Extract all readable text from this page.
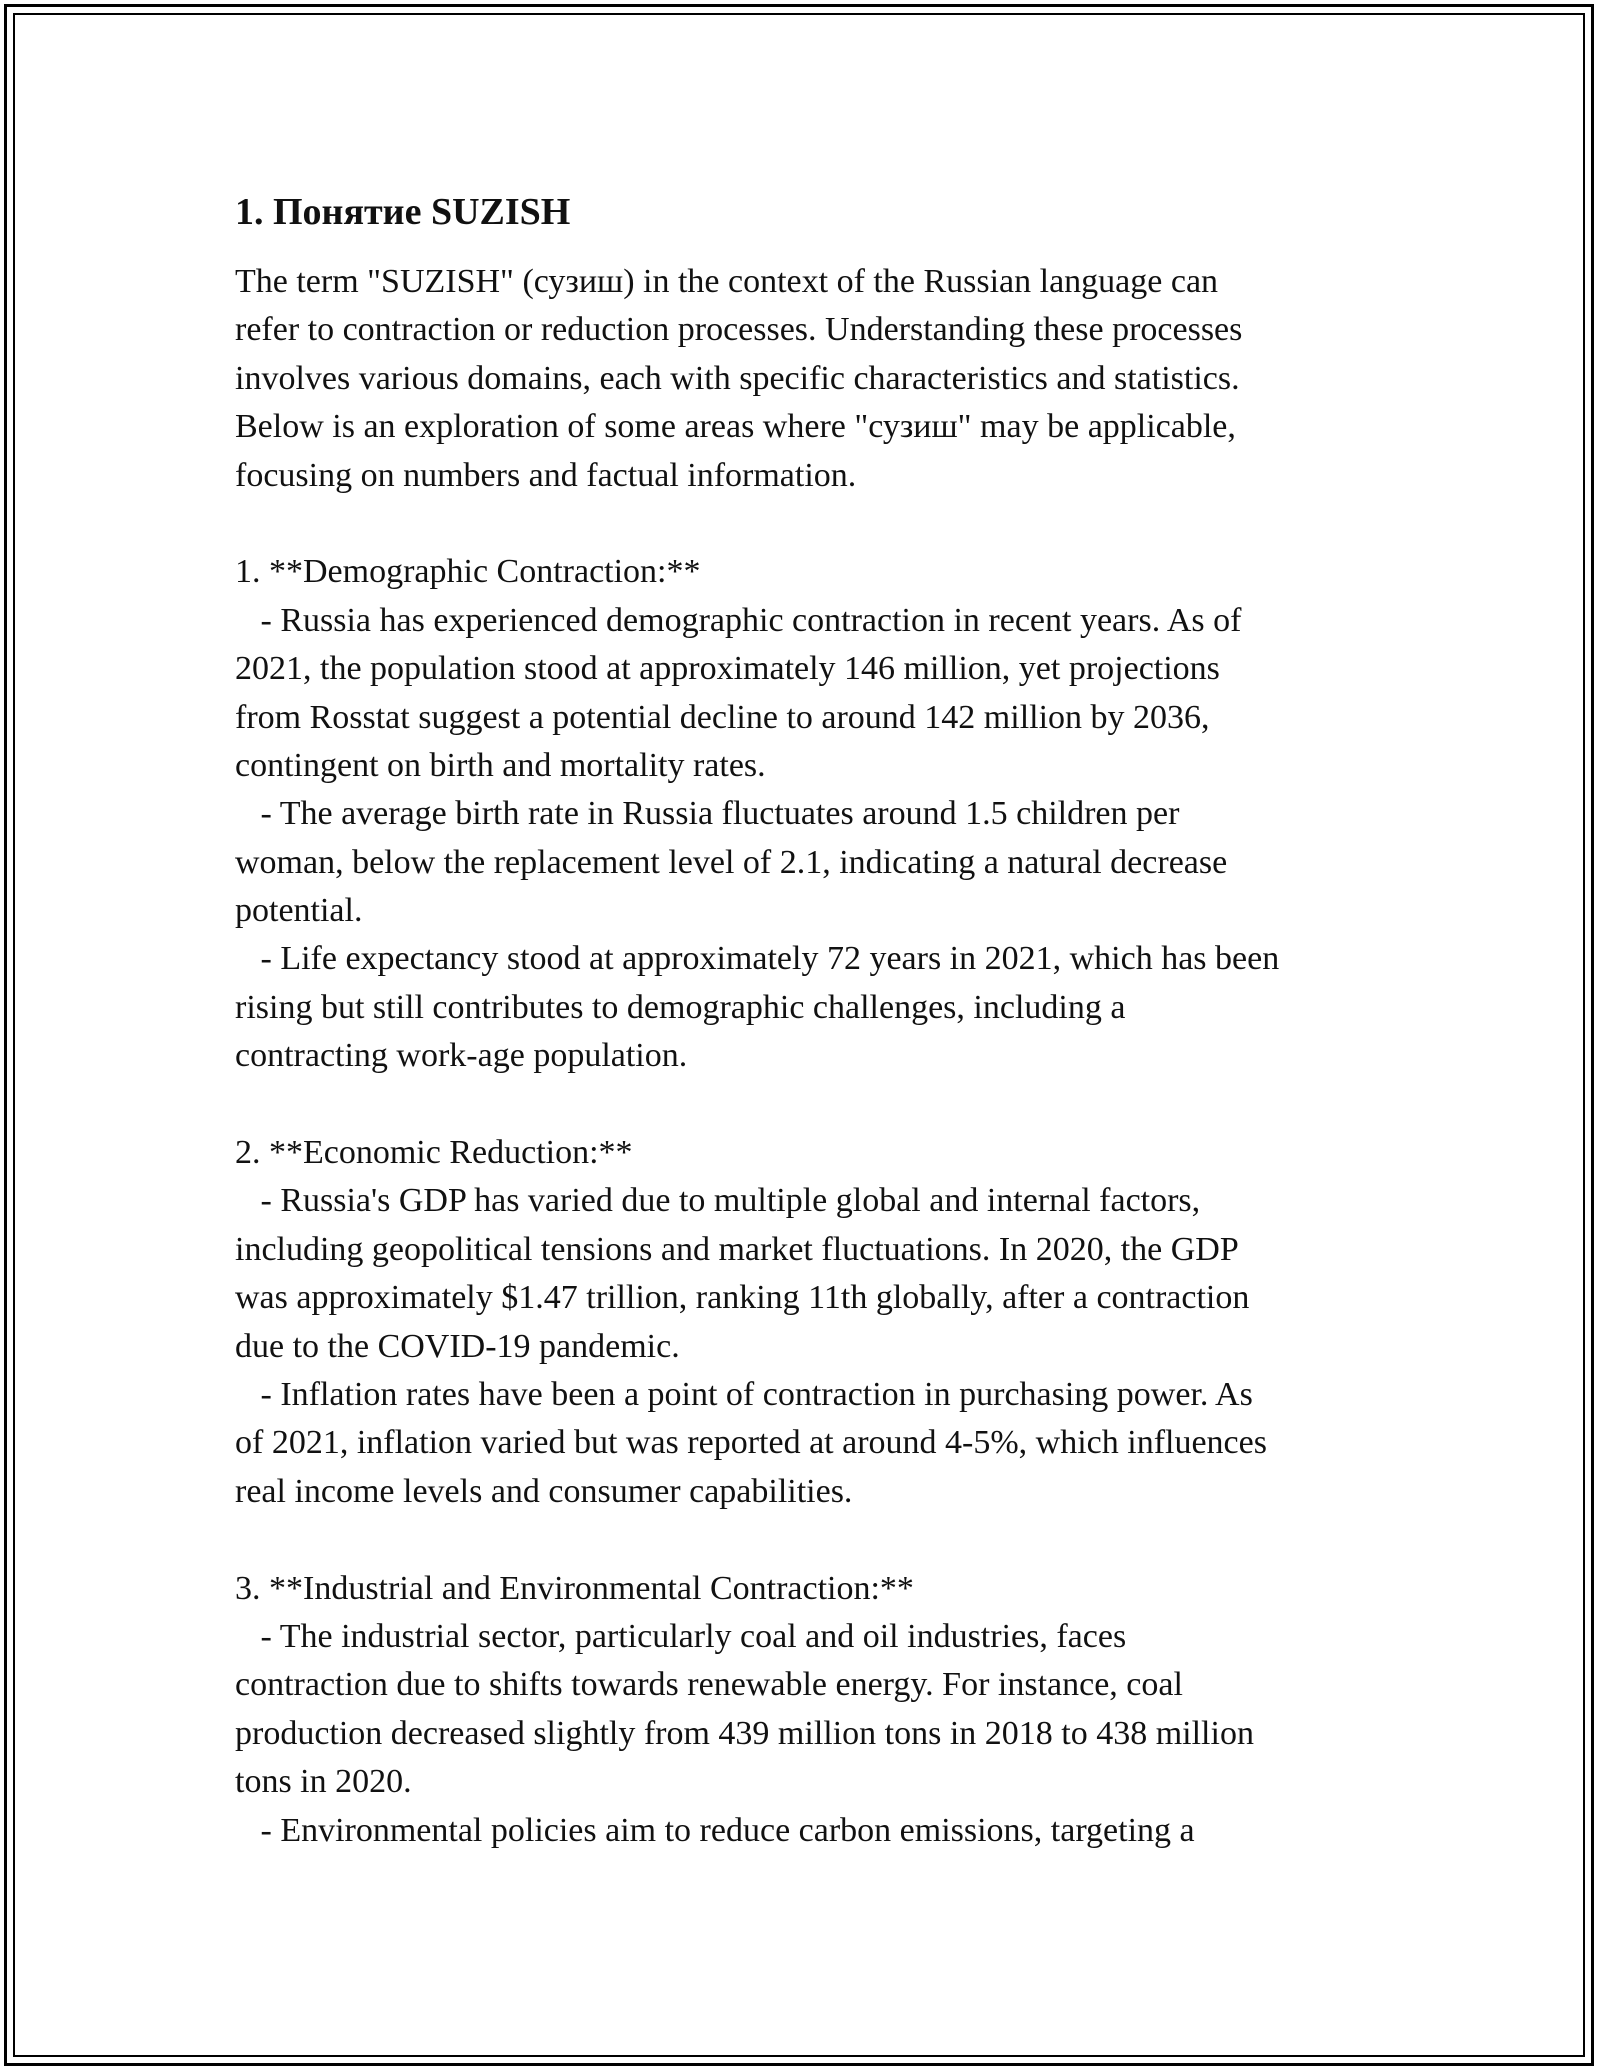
1. Понятие SUZISH
The term "SUZISH" (сузиш) in the context of the Russian language can
refer to contraction or reduction processes. Understanding these processes
involves various domains, each with specific characteristics and statistics.
Below is an exploration of some areas where "сузиш" may be applicable,
focusing on numbers and factual information.
1. **Demographic Contraction:**
- Russia has experienced demographic contraction in recent years. As of
2021, the population stood at approximately 146 million, yet projections
from Rosstat suggest a potential decline to around 142 million by 2036,
contingent on birth and mortality rates.
- The average birth rate in Russia fluctuates around 1.5 children per
woman, below the replacement level of 2.1, indicating a natural decrease
potential.
- Life expectancy stood at approximately 72 years in 2021, which has been
rising but still contributes to demographic challenges, including a
contracting work-age population.
2. **Economic Reduction:**
- Russia's GDP has varied due to multiple global and internal factors,
including geopolitical tensions and market fluctuations. In 2020, the GDP
was approximately $1.47 trillion, ranking 11th globally, after a contraction
due to the COVID-19 pandemic.
- Inflation rates have been a point of contraction in purchasing power. As
of 2021, inflation varied but was reported at around 4-5%, which influences
real income levels and consumer capabilities.
3. **Industrial and Environmental Contraction:**
- The industrial sector, particularly coal and oil industries, faces
contraction due to shifts towards renewable energy. For instance, coal
production decreased slightly from 439 million tons in 2018 to 438 million
tons in 2020.
- Environmental policies aim to reduce carbon emissions, targeting a
